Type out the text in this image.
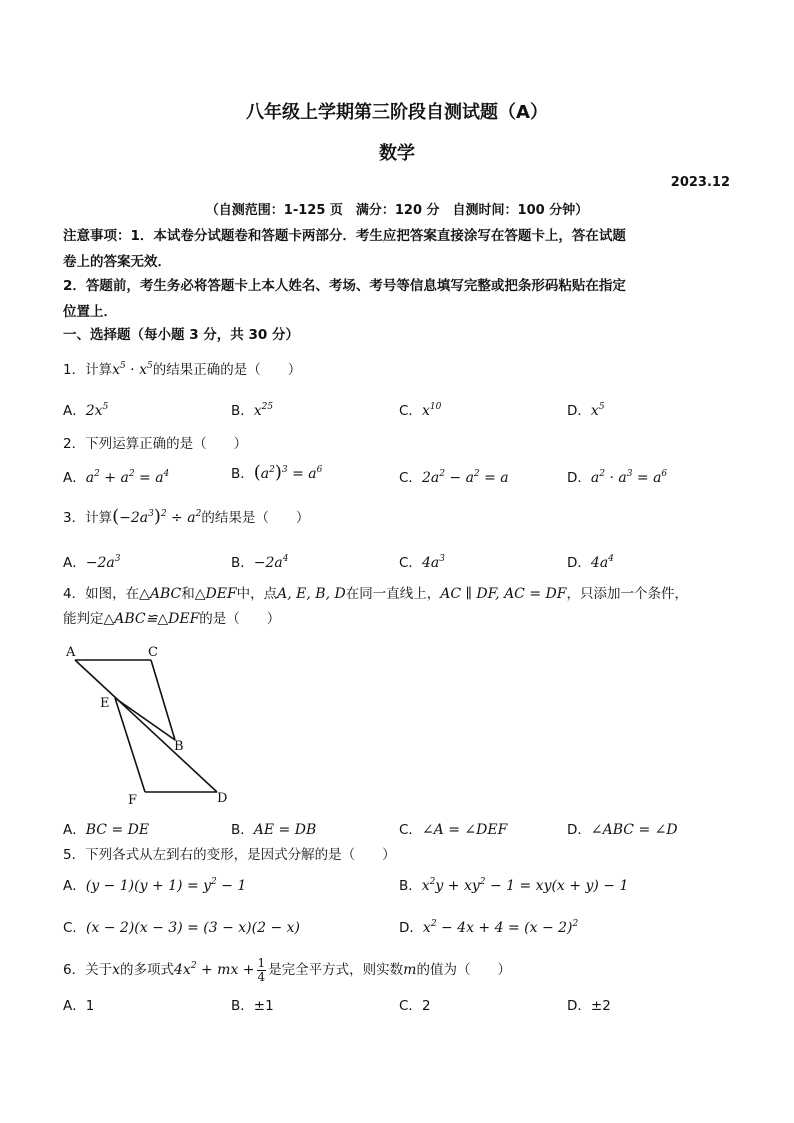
八年级上学期第三阶段自测试题（A）
数学
2023.12
（自测范围：1-125 页　满分：120 分　自测时间：100 分钟）
注意事项：1．本试卷分试题卷和答题卡两部分．考生应把答案直接涂写在答题卡上，答在试题
卷上的答案无效．
2．答题前，考生务必将答题卡上本人姓名、考场、考号等信息填写完整或把条形码粘贴在指定
位置上．
一、选择题（每小题 3 分，共 30 分）
1．计算$x^5 \cdot x^5$的结果正确的是（　　）
A．$2x^5$	B．$x^{25}$	C．$x^{10}$	D．$x^5$
2．下列运算正确的是（　　）
A．$a^2 + a^2 = a^4$	B．$(a^2)^3 = a^6$	C．$2a^2 - a^2 = a$	D．$a^2 \cdot a^3 = a^6$
3．计算$(-2a^3)^2 \div a^2$的结果是（　　）
A．$-2a^3$	B．$-2a^4$	C．$4a^3$	D．$4a^4$
4．如图，在△ABC和△DEF中，点A, E, B, D在同一直线上，AC ∥ DF, AC = DF，只添加一个条件，
能判定△ABC≌△DEF的是（　　）
A	C
E
B
F	D
A．BC = DE	B．AE = DB	C．∠A = ∠DEF	D．∠ABC = ∠D
5．下列各式从左到右的变形，是因式分解的是（　　）
A．$(y - 1)(y + 1) = y^2 - 1$	B．$x^2y + xy^2 - 1 = xy(x + y) - 1$
C．(x − 2)(x − 3) = (3 − x)(2 − x)	D．$x^2 - 4x + 4 = (x - 2)^2$
6．关于x的多项式$4x^2$ + mx + $\frac{1}{4}$ 是完全平方式，则实数m的值为（　　）
A．1	B．±1	C．2	D．±2
